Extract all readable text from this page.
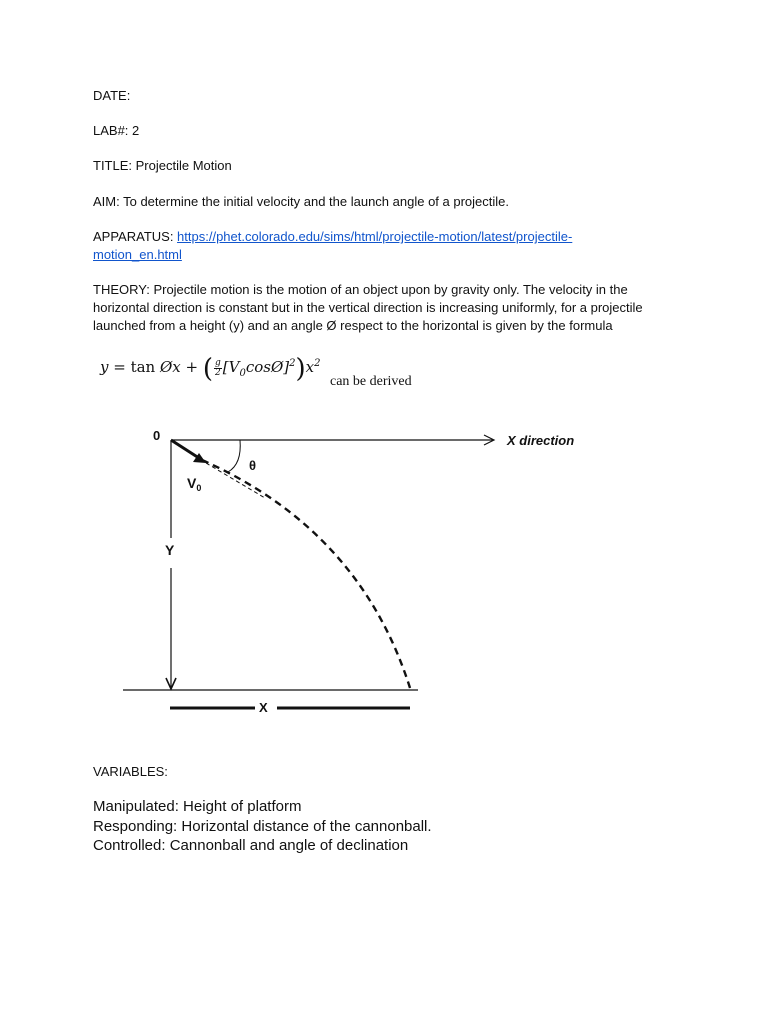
DATE:
LAB#: 2
TITLE: Projectile Motion
AIM: To determine the initial velocity and the launch angle of a projectile.
APPARATUS: https://phet.colorado.edu/sims/html/projectile-motion/latest/projectile-
motion_en.html
THEORY: Projectile motion is the motion of an object upon by gravity only. The velocity in the horizontal direction is constant but in the vertical direction is increasing uniformly, for a projectile launched from a height (y) and an angle Ø respect to the horizontal is given by the formula
y = tan Øx + ( $\frac{g}{2}$ $[V_0\cos Ø]^2)x^2$
can be derived
0	X direction
Y
$V_0$
θ
X
VARIABLES:
Manipulated: Height of platform
Responding: Horizontal distance of the cannonball.
Controlled: Cannonball and angle of declination
